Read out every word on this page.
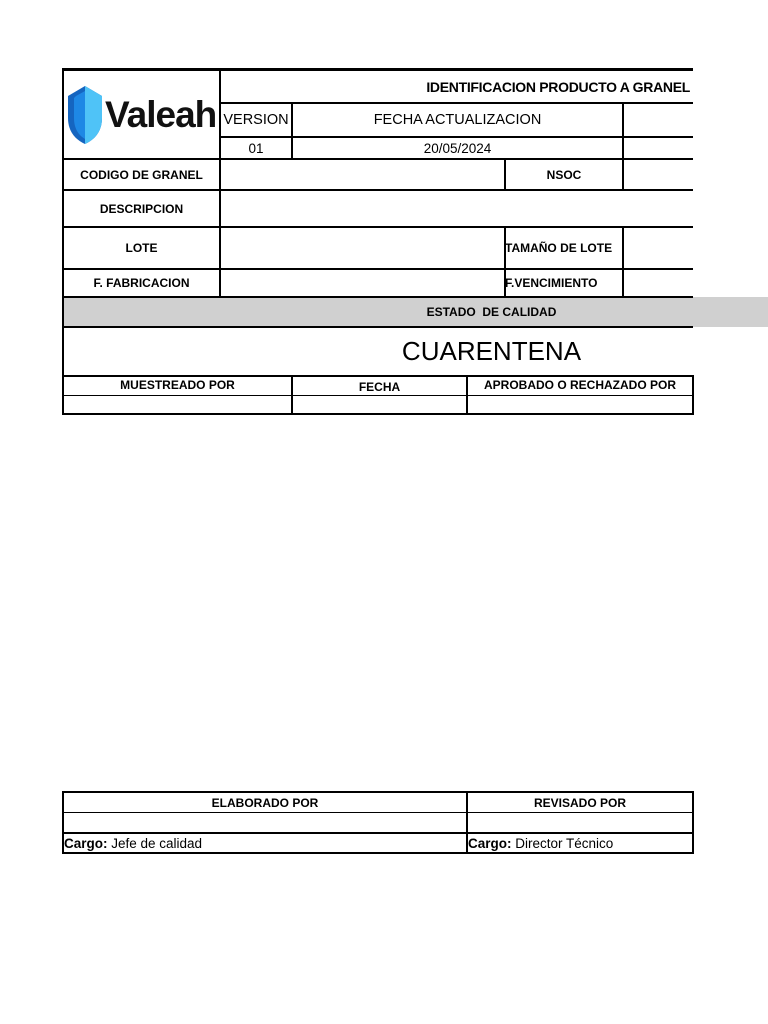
Valeah
IDENTIFICACION PRODUCTO A GRANEL
VERSION	FECHA ACTUALIZACION
01	20/05/2024
CODIGO DE GRANEL	NSOC
DESCRIPCION
LOTE	TAMAÑO DE LOTE
F. FABRICACION	F.VENCIMIENTO
ESTADO  DE CALIDAD
CUARENTENA
MUESTREADO POR	FECHA	APROBADO O RECHAZADO POR
ELABORADO POR	REVISADO POR
Cargo: Jefe de calidad	Cargo: Director Técnico
